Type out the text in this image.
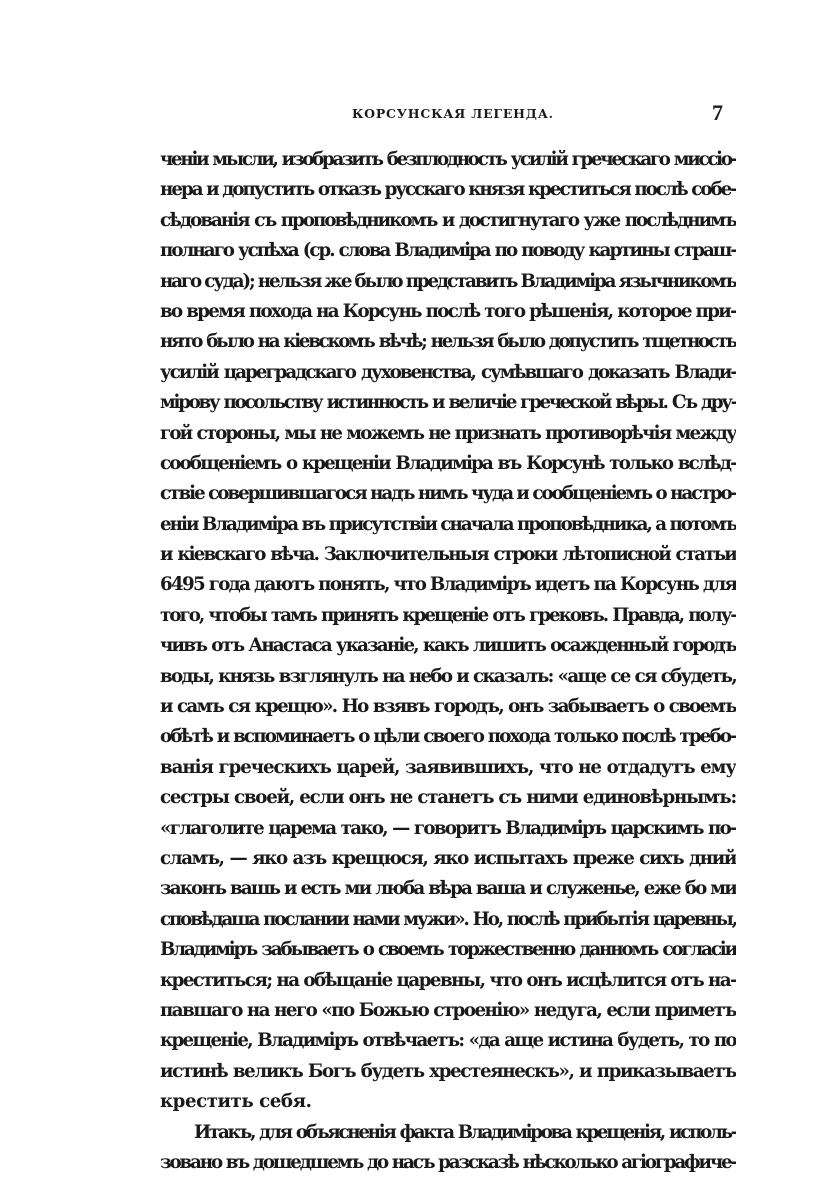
КОРСУНСКАЯ ЛЕГЕНДА.	7
ченіи мысли, изобразить безплодность усилій греческаго миссіо-
нера и допустить отказъ русскаго князя креститься послѣ собе-
сѣдованія съ проповѣдникомъ и достигнутаго уже послѣднимъ
полнаго успѣха (ср. слова Владиміра по поводу картины страш-
наго суда); нельзя же было представить Владиміра язычникомъ
во время похода на Корсунь послѣ того рѣшенія, которое при-
нято было на кіевскомъ вѣчѣ; нельзя было допустить тщетность
усилій цареградскаго духовенства, сумѣвшаго доказать Влади-
мірову посольству истинность и величіе греческой вѣры. Съ дру-
гой стороны, мы не можемъ не признать противорѣчія между
сообщеніемъ о крещеніи Владиміра въ Корсунѣ только вслѣд-
ствіе совершившагося надъ нимъ чуда и сообщеніемъ о настро-
еніи Владиміра въ присутствіи сначала проповѣдника, а потомъ
и кіевскаго вѣча. Заключительныя строки лѣтописной статьи
6495 года даютъ понять, что Владиміръ идетъ па Корсунь для
того, чтобы тамъ принять крещеніе отъ грековъ. Правда, полу-
чивъ отъ Анастаса указаніе, какъ лишить осажденный городъ
воды, князь взглянулъ на небо и сказалъ: «аще се ся сбудеть,
и самъ ся крещю». Но взявъ городъ, онъ забываетъ о своемъ
обѣтѣ и вспоминаетъ о цѣли своего похода только послѣ требо-
ванія греческихъ царей, заявившихъ, что не отдадутъ ему
сестры своей, если онъ не станетъ съ ними единовѣрнымъ:
«глаголите царема тако, — говоритъ Владиміръ царскимъ по-
сламъ, — яко азъ крещюся, яко испытахъ преже сихъ дний
законъ вашь и есть ми люба вѣра ваша и служенье, еже бо ми
сповѣдаша послании нами мужи». Но, послѣ прибытія царевны,
Владиміръ забываетъ о своемъ торжественно данномъ согласіи
креститься; на обѣщаніе царевны, что онъ исцѣлится отъ на-
павшаго на него «по Божью строенію» недуга, если приметъ
крещеніе, Владиміръ отвѣчаетъ: «да аще истина будеть, то по
истинѣ великъ Богъ будеть хрестеянескъ», и приказываетъ
крестить себя.
Итакъ, для объясненія факта Владимірова крещенія, исполь-
зовано въ дошедшемъ до насъ разсказѣ нѣсколько агіографиче-
